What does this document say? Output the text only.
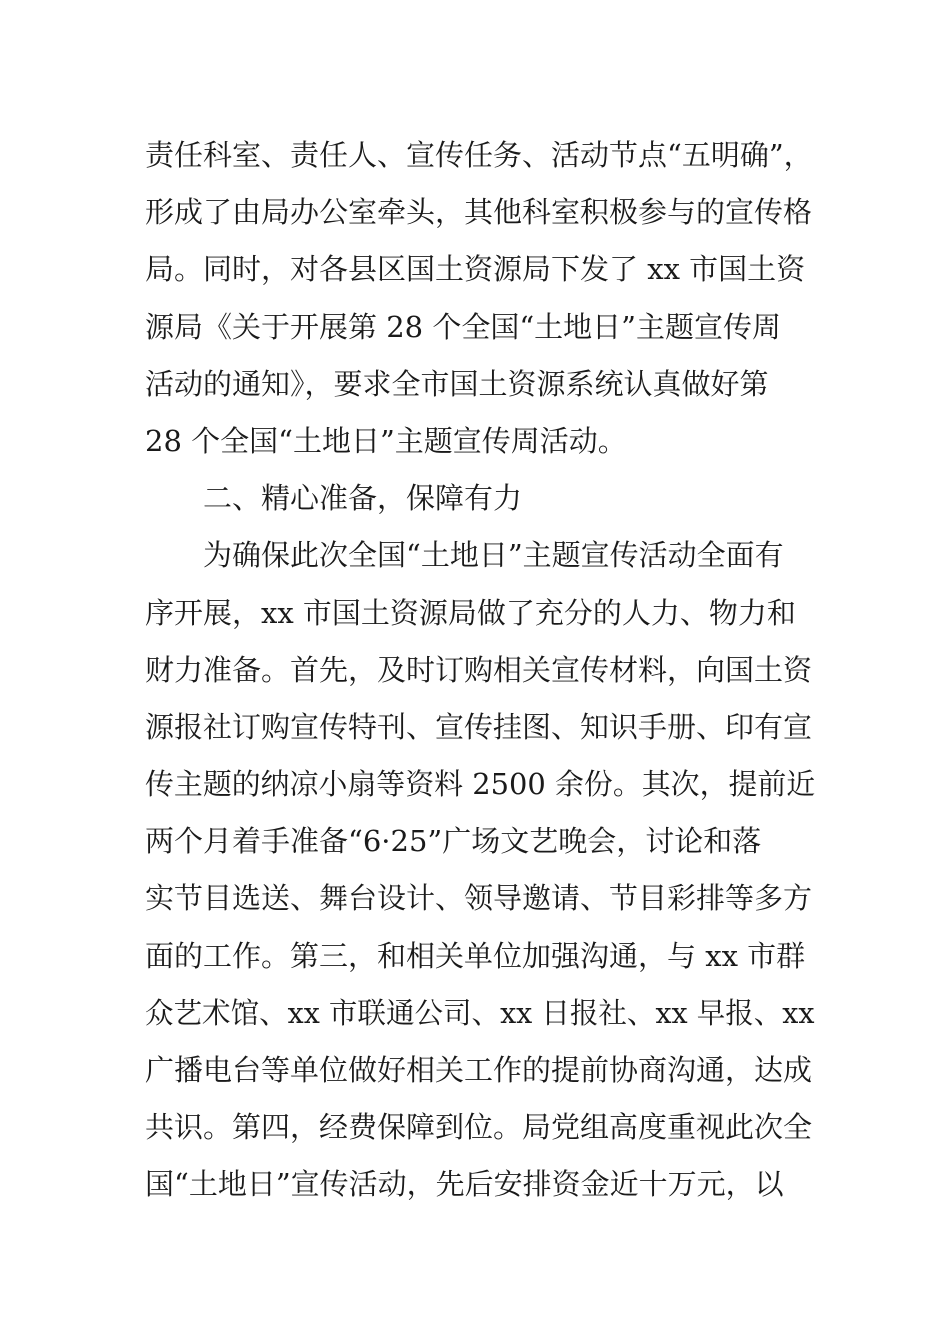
责任科室、责任人、宣传任务、活动节点“五明确”，
形成了由局办公室牵头，其他科室积极参与的宣传格
局。同时，对各县区国土资源局下发了 xx 市国土资
源局《关于开展第 28 个全国“土地日”主题宣传周
活动的通知》，要求全市国土资源系统认真做好第
28 个全国“土地日”主题宣传周活动。
二、精心准备，保障有力
为确保此次全国“土地日”主题宣传活动全面有
序开展，xx 市国土资源局做了充分的人力、物力和
财力准备。首先，及时订购相关宣传材料，向国土资
源报社订购宣传特刊、宣传挂图、知识手册、印有宣
传主题的纳凉小扇等资料 2500 余份。其次，提前近
两个月着手准备“6·25”广场文艺晚会，讨论和落
实节目选送、舞台设计、领导邀请、节目彩排等多方
面的工作。第三，和相关单位加强沟通，与 xx 市群
众艺术馆、xx 市联通公司、xx 日报社、xx 早报、xx
广播电台等单位做好相关工作的提前协商沟通，达成
共识。第四，经费保障到位。局党组高度重视此次全
国“土地日”宣传活动，先后安排资金近十万元，以
